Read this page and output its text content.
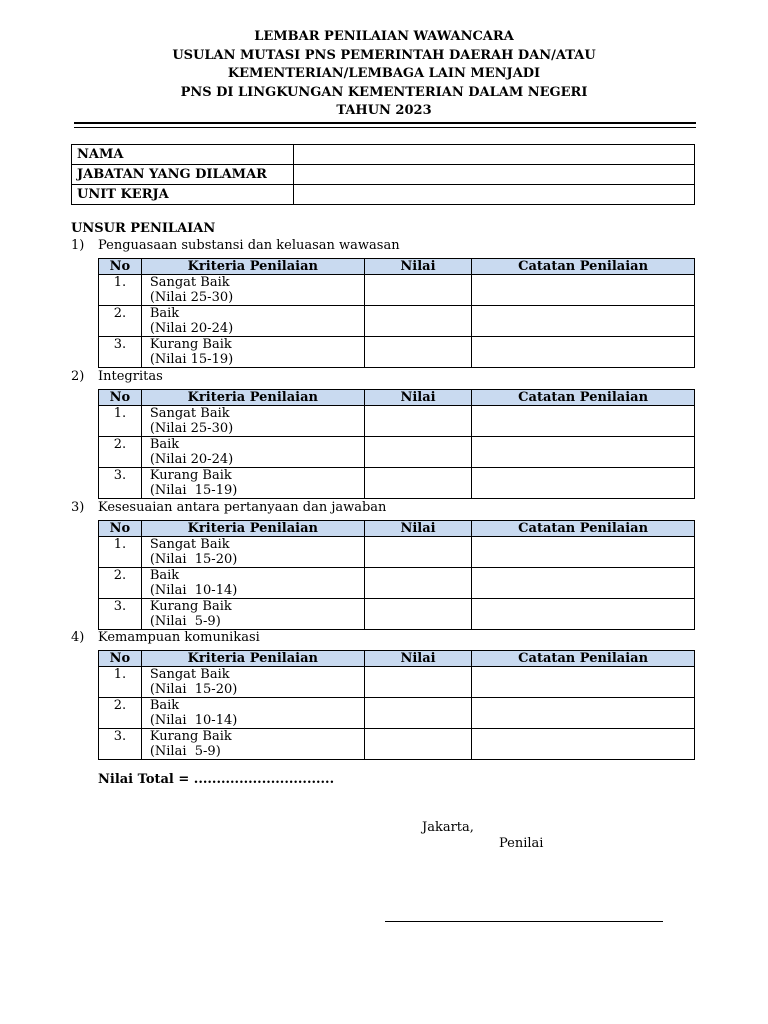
LEMBAR PENILAIAN WAWANCARA
USULAN MUTASI PNS PEMERINTAH DAERAH DAN/ATAU
KEMENTERIAN/LEMBAGA LAIN MENJADI
PNS DI LINGKUNGAN KEMENTERIAN DALAM NEGERI
TAHUN 2023
NAMA	
JABATAN YANG DILAMAR	
UNIT KERJA	
UNSUR PENILAIAN
1) Penguasaan substansi dan keluasan wawasan
No	Kriteria Penilaian	Nilai	Catatan Penilaian
1.	Sangat Baik
(Nilai 25-30)		

2.	Baik
(Nilai 20-24)		

3.	Kurang Baik
(Nilai 15-19)		

2) Integritas
No	Kriteria Penilaian	Nilai	Catatan Penilaian
1.	Sangat Baik
(Nilai 25-30)		

2.	Baik
(Nilai 20-24)		

3.	Kurang Baik
(Nilai  15-19)		

3) Kesesuaian antara pertanyaan dan jawaban
No	Kriteria Penilaian	Nilai	Catatan Penilaian
1.	Sangat Baik
(Nilai  15-20)		

2.	Baik
(Nilai  10-14)		

3.	Kurang Baik
(Nilai  5-9)		

4) Kemampuan komunikasi
No	Kriteria Penilaian	Nilai	Catatan Penilaian
1.	Sangat Baik
(Nilai  15-20)		

2.	Baik
(Nilai  10-14)		

3.	Kurang Baik
(Nilai  5-9)		

Nilai Total = ...............................
Jakarta,
Penilai
